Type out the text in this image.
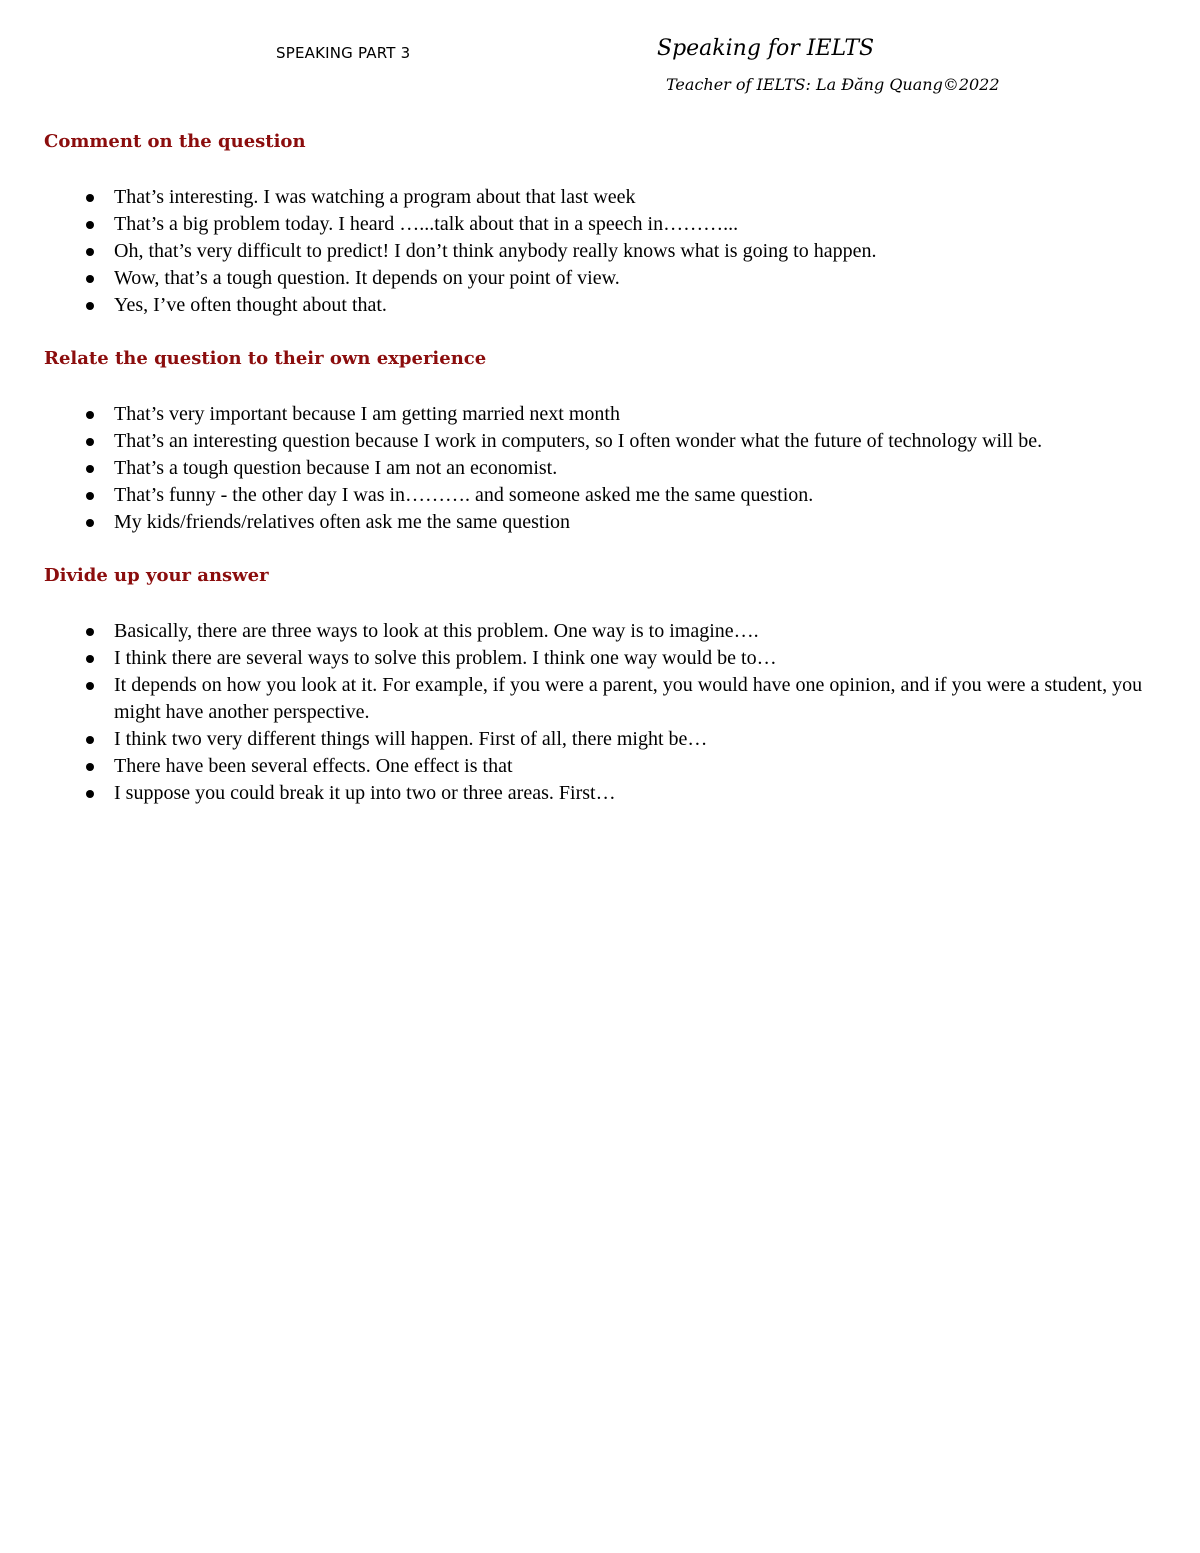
SPEAKING PART 3	Speaking for IELTS
Teacher of IELTS: La Đăng Quang©2022
Comment on the question
That’s interesting. I was watching a program about that last week
That’s a big problem today. I heard …...talk about that in a speech in………...
Oh, that’s very difficult to predict! I don’t think anybody really knows what is going to happen.
Wow, that’s a tough question. It depends on your point of view.
Yes, I’ve often thought about that.
Relate the question to their own experience
That’s very important because I am getting married next month
That’s an interesting question because I work in computers, so I often wonder what the future of technology will be.
That’s a tough question because I am not an economist.
That’s funny - the other day I was in………. and someone asked me the same question.
My kids/friends/relatives often ask me the same question
Divide up your answer
Basically, there are three ways to look at this problem. One way is to imagine….
I think there are several ways to solve this problem. I think one way would be to…
It depends on how you look at it. For example, if you were a parent, you would have one opinion, and if you were a student, you might have another perspective.
I think two very different things will happen. First of all, there might be…
There have been several effects. One effect is that
I suppose you could break it up into two or three areas. First…
